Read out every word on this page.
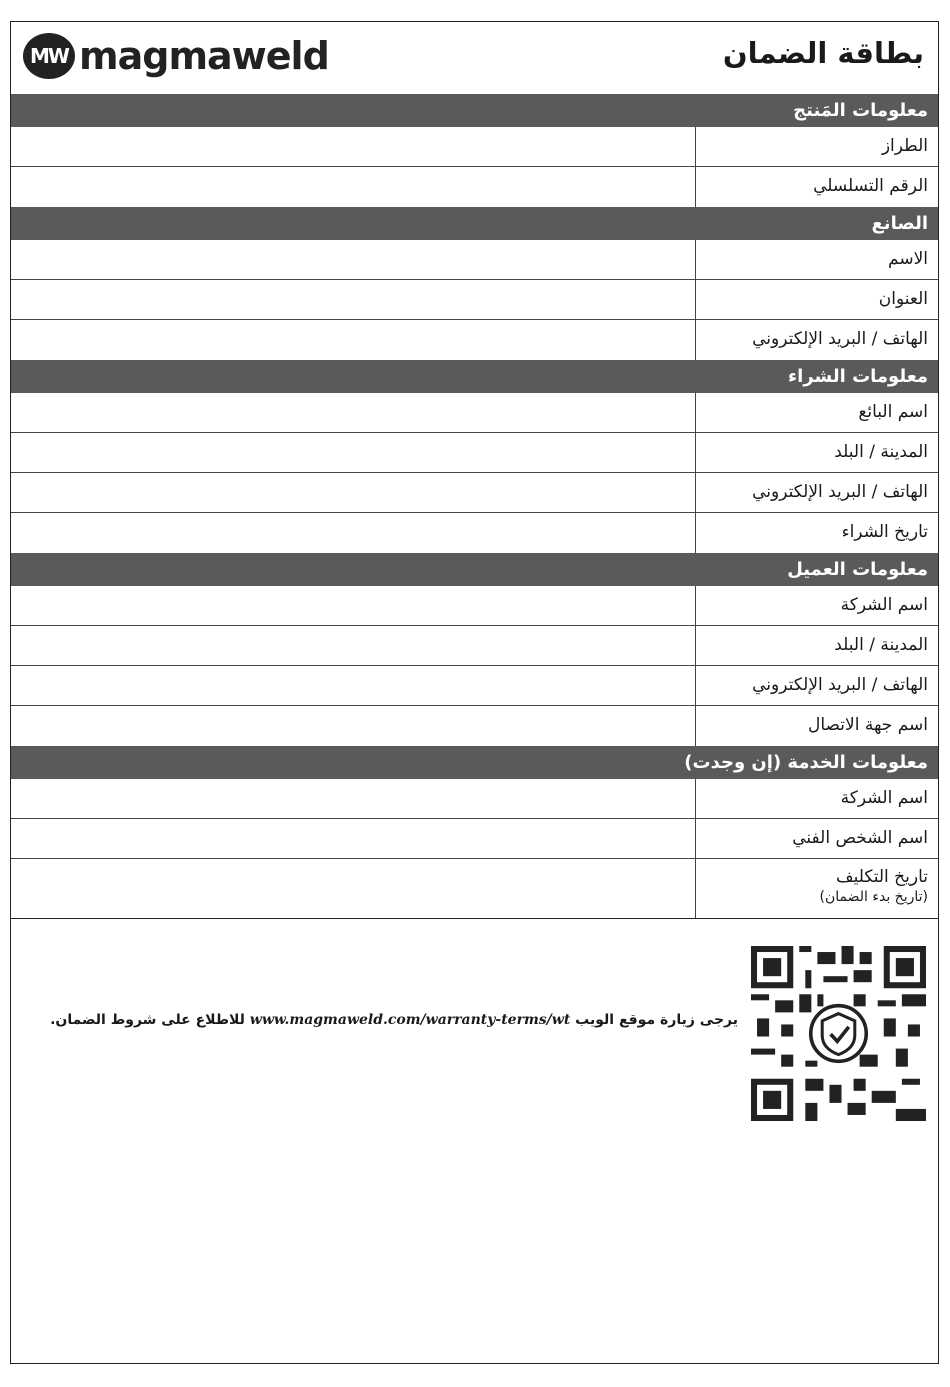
MW magmaweld	بطاقة الضمان
معلومات المَنتج
الطراز
الرقم التسلسلي
الصانع
الاسم
العنوان
الهاتف / البريد الإلكتروني
معلومات الشراء
اسم البائع
المدينة / البلد
الهاتف / البريد الإلكتروني
تاريخ الشراء
معلومات العميل
اسم الشركة
المدينة / البلد
الهاتف / البريد الإلكتروني
اسم جهة الاتصال
معلومات الخدمة (إن وجدت)
اسم الشركة
اسم الشخص الفني
تاريخ التكليف
(تاريخ بدء الضمان)
يرجى زيارة موقع الويب www.magmaweld.com/warranty-terms/wt للاطلاع على شروط الضمان.
